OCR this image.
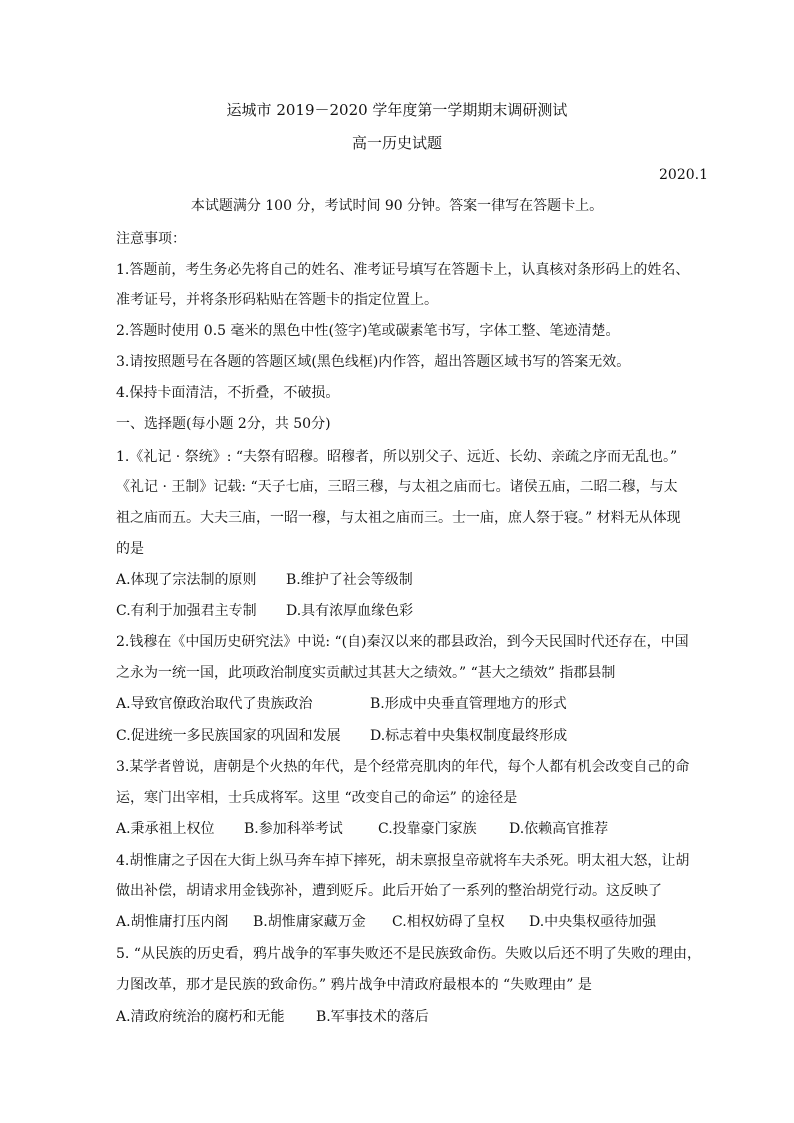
运城市 2019－2020 学年度第一学期期末调研测试
高一历史试题
2020.1
本试题满分 100 分，考试时间 90 分钟。答案一律写在答题卡上。
注意事项：
1.答题前，考生务必先将自己的姓名、准考证号填写在答题卡上，认真核对条形码上的姓名、
准考证号，并将条形码粘贴在答题卡的指定位置上。
2.答题时使用 0.5 毫米的黑色中性(签字)笔或碳素笔书写，字体工整、笔迹清楚。
3.请按照题号在各题的答题区域(黑色线框)内作答，超出答题区域书写的答案无效。
4.保持卡面清洁，不折叠，不破损。
一、选择题(每小题 2分，共 50分)
1.《礼记 · 祭统》: “夫祭有昭穆。昭穆者，所以别父子、远近、长幼、亲疏之序而无乱也。”
《礼记 · 王制》记载: “天子七庙，三昭三穆，与太祖之庙而七。诸侯五庙，二昭二穆，与太
祖之庙而五。大夫三庙，一昭一穆，与太祖之庙而三。士一庙，庶人祭于寝。” 材料无从体现
的是
A.体现了宗法制的原则 B.维护了社会等级制
C.有利于加强君主专制 D.具有浓厚血缘色彩
2.钱穆在《中国历史研究法》中说: “(自)秦汉以来的郡县政治，到今天民国时代还存在，中国
之永为一统一国，此项政治制度实贡献过其甚大之绩效。” “甚大之绩效” 指郡县制
A.导致官僚政治取代了贵族政治	B.形成中央垂直管理地方的形式
C.促进统一多民族国家的巩固和发展 D.标志着中央集权制度最终形成
3.某学者曾说，唐朝是个火热的年代，是个经常亮肌肉的年代，每个人都有机会改变自己的命
运，寒门出宰相，士兵成将军。这里 “改变自己的命运” 的途径是
A.秉承祖上权位 B.参加科举考试	C.投靠豪门家族 D.依赖高官推荐
4.胡惟庸之子因在大街上纵马奔车掉下摔死，胡未禀报皇帝就将车夫杀死。明太祖大怒，让胡
做出补偿，胡请求用金钱弥补，遭到贬斥。此后开始了一系列的整治胡党行动。这反映了
A.胡惟庸打压内阁 B.胡惟庸家藏万金 C.相权妨碍了皇权 D.中央集权亟待加强
5. “从民族的历史看，鸦片战争的军事失败还不是民族致命伤。失败以后还不明了失败的理由，
力图改革，那才是民族的致命伤。” 鸦片战争中清政府最根本的 “失败理由” 是
A.清政府统治的腐朽和无能 B.军事技术的落后
